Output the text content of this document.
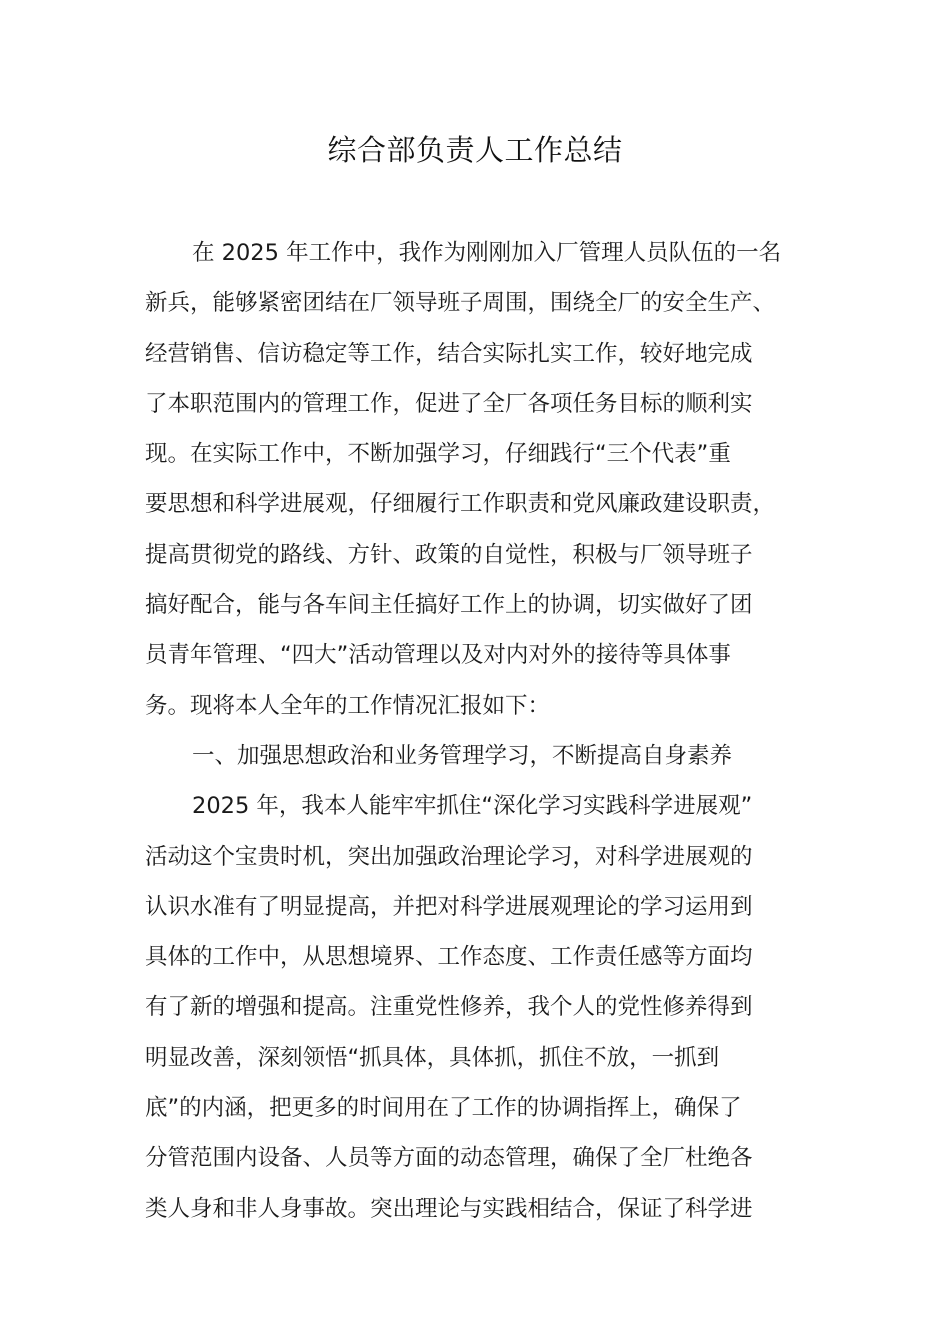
综合部负责人工作总结
在 2025 年工作中，我作为刚刚加入厂管理人员队伍的一名
新兵，能够紧密团结在厂领导班子周围，围绕全厂的安全生产、
经营销售、信访稳定等工作，结合实际扎实工作，较好地完成
了本职范围内的管理工作，促进了全厂各项任务目标的顺利实
现。在实际工作中，不断加强学习，仔细践行“三个代表”重
要思想和科学进展观，仔细履行工作职责和党风廉政建设职责，
提高贯彻党的路线、方针、政策的自觉性，积极与厂领导班子
搞好配合，能与各车间主任搞好工作上的协调，切实做好了团
员青年管理、“四大”活动管理以及对内对外的接待等具体事
务。现将本人全年的工作情况汇报如下：
一、加强思想政治和业务管理学习，不断提高自身素养
2025 年，我本人能牢牢抓住“深化学习实践科学进展观”
活动这个宝贵时机，突出加强政治理论学习，对科学进展观的
认识水准有了明显提高，并把对科学进展观理论的学习运用到
具体的工作中，从思想境界、工作态度、工作责任感等方面均
有了新的增强和提高。注重党性修养，我个人的党性修养得到
明显改善，深刻领悟“抓具体，具体抓，抓住不放，一抓到
底”的内涵，把更多的时间用在了工作的协调指挥上，确保了
分管范围内设备、人员等方面的动态管理，确保了全厂杜绝各
类人身和非人身事故。突出理论与实践相结合，保证了科学进
